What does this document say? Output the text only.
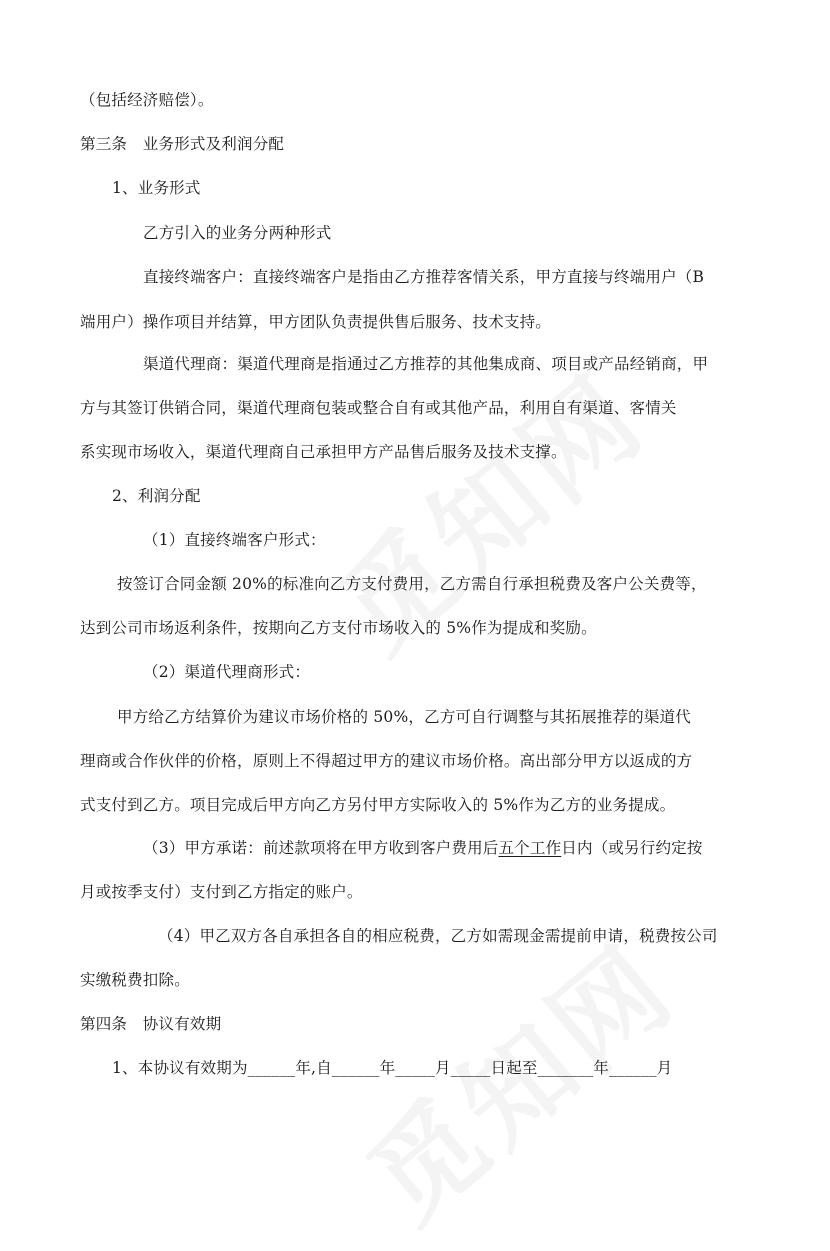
（包括经济赔偿）。
第三条　业务形式及利润分配
1、业务形式
乙方引入的业务分两种形式
直接终端客户：直接终端客户是指由乙方推荐客情关系，甲方直接与终端用户（B
端用户）操作项目并结算，甲方团队负责提供售后服务、技术支持。
渠道代理商：渠道代理商是指通过乙方推荐的其他集成商、项目或产品经销商，甲
方与其签订供销合同，渠道代理商包装或整合自有或其他产品，利用自有渠道、客情关
系实现市场收入，渠道代理商自己承担甲方产品售后服务及技术支撑。
2、利润分配
（1）直接终端客户形式：
按签订合同金额 20%的标准向乙方支付费用，乙方需自行承担税费及客户公关费等，
达到公司市场返利条件，按期向乙方支付市场收入的 5%作为提成和奖励。
（2）渠道代理商形式：
甲方给乙方结算价为建议市场价格的 50%，乙方可自行调整与其拓展推荐的渠道代
理商或合作伙伴的价格，原则上不得超过甲方的建议市场价格。高出部分甲方以返成的方
式支付到乙方。项目完成后甲方向乙方另付甲方实际收入的 5%作为乙方的业务提成。
（3）甲方承诺：前述款项将在甲方收到客户费用后五个工作日内（或另行约定按
月或按季支付）支付到乙方指定的账户。
（4）甲乙双方各自承担各自的相应税费，乙方如需现金需提前申请，税费按公司
实缴税费扣除。
第四条　协议有效期
1、本协议有效期为______年,自______年_____月_____日起至_______年______月
